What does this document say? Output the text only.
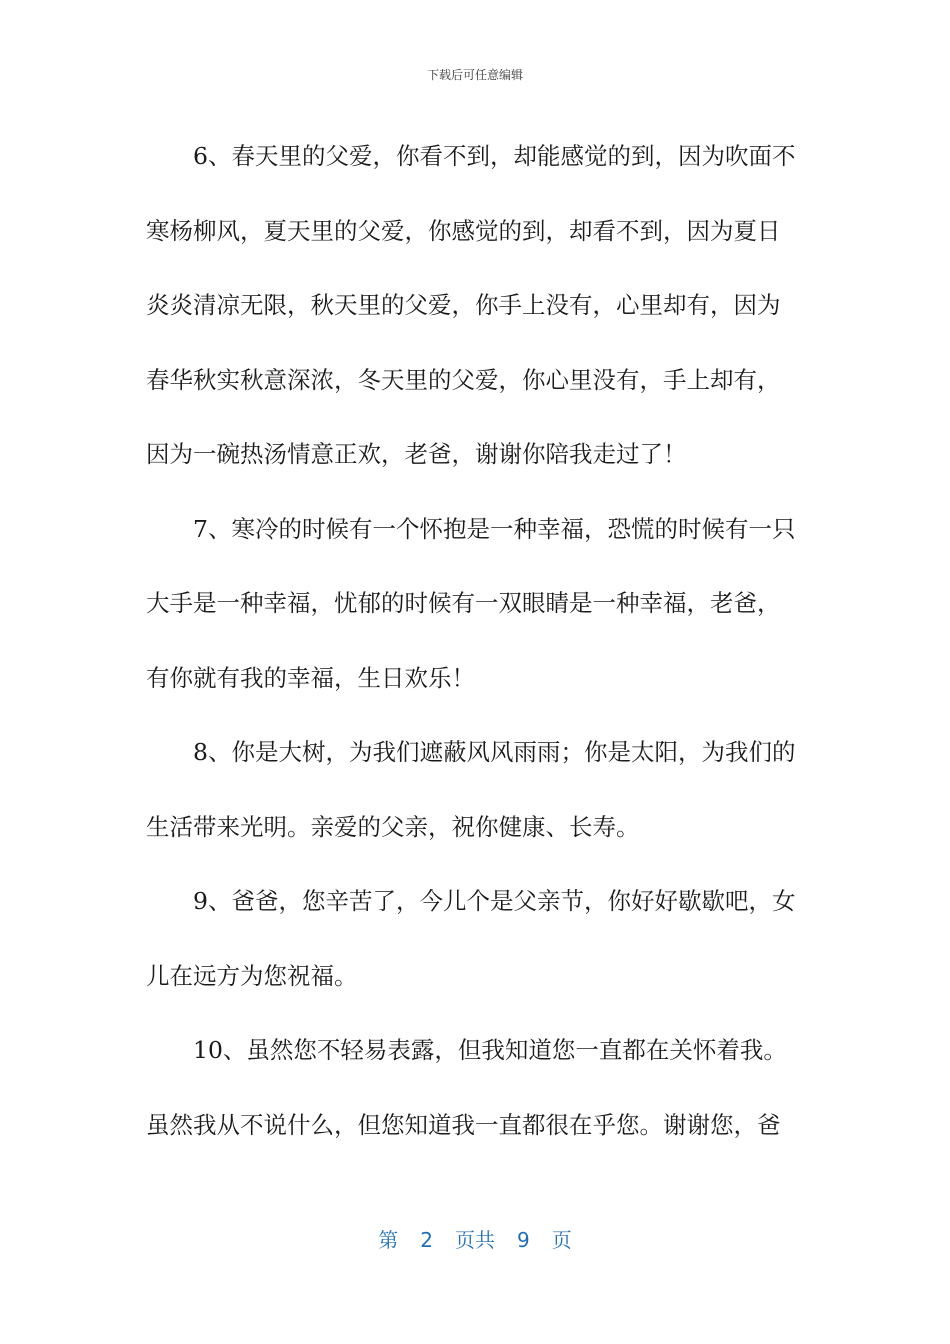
下载后可任意编辑
6、春天里的父爱，你看不到，却能感觉的到，因为吹面不
寒杨柳风，夏天里的父爱，你感觉的到，却看不到，因为夏日
炎炎清凉无限，秋天里的父爱，你手上没有，心里却有，因为
春华秋实秋意深浓，冬天里的父爱，你心里没有，手上却有，
因为一碗热汤情意正欢，老爸，谢谢你陪我走过了！
7、寒冷的时候有一个怀抱是一种幸福，恐慌的时候有一只
大手是一种幸福，忧郁的时候有一双眼睛是一种幸福，老爸，
有你就有我的幸福，生日欢乐！
8、你是大树，为我们遮蔽风风雨雨；你是太阳，为我们的
生活带来光明。亲爱的父亲，祝你健康、长寿。
9、爸爸，您辛苦了，今儿个是父亲节，你好好歇歇吧，女
儿在远方为您祝福。
10、虽然您不轻易表露，但我知道您一直都在关怀着我。
虽然我从不说什么，但您知道我一直都很在乎您。谢谢您，爸
第 2 页共 9 页
